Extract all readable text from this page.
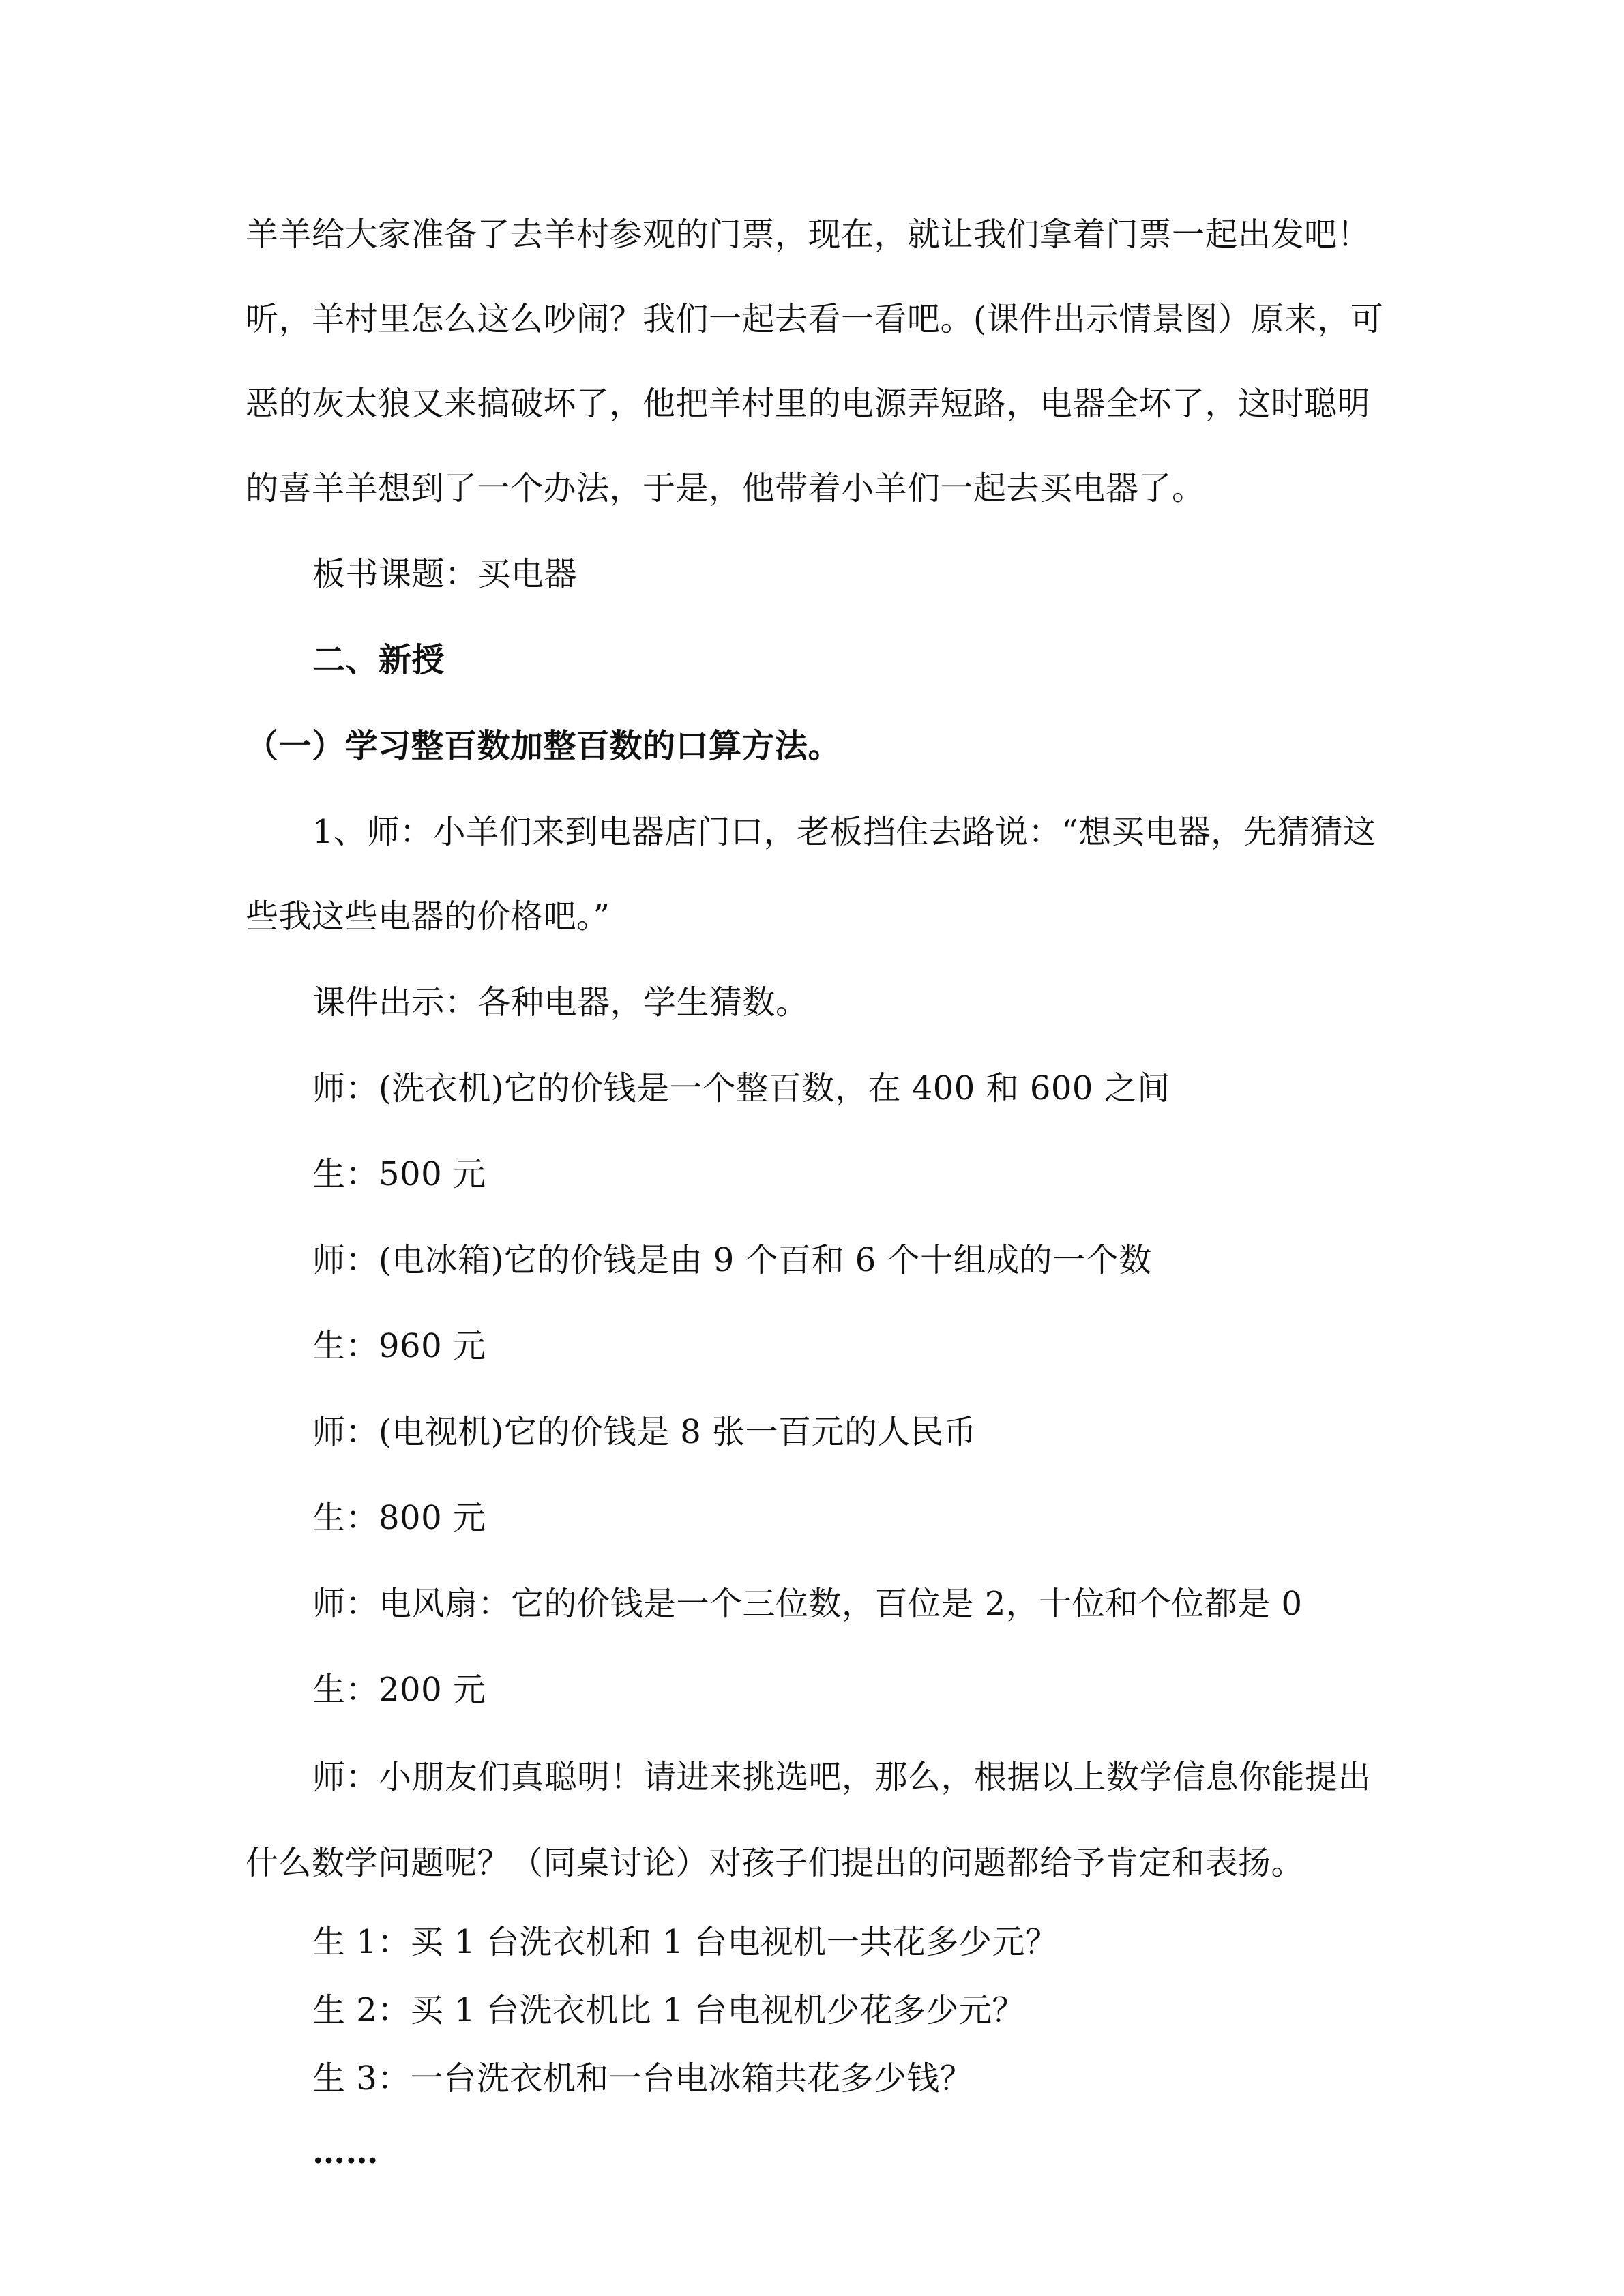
羊羊给大家准备了去羊村参观的门票，现在，就让我们拿着门票一起出发吧！
听，羊村里怎么这么吵闹？我们一起去看一看吧。(课件出示情景图）原来，可
恶的灰太狼又来搞破坏了，他把羊村里的电源弄短路，电器全坏了，这时聪明
的喜羊羊想到了一个办法，于是，他带着小羊们一起去买电器了。
板书课题：买电器
二、新授
（一）学习整百数加整百数的口算方法。
1、师：小羊们来到电器店门口，老板挡住去路说：“想买电器，先猜猜这
些我这些电器的价格吧。”
课件出示：各种电器，学生猜数。
师：(洗衣机)它的价钱是一个整百数，在 400 和 600 之间
生：500 元
师：(电冰箱)它的价钱是由 9 个百和 6 个十组成的一个数
生：960 元
师：(电视机)它的价钱是 8 张一百元的人民币
生：800 元
师：电风扇：它的价钱是一个三位数，百位是 2，十位和个位都是 0
生：200 元
师：小朋友们真聪明！请进来挑选吧，那么，根据以上数学信息你能提出
什么数学问题呢？（同桌讨论）对孩子们提出的问题都给予肯定和表扬。
生 1：买 1 台洗衣机和 1 台电视机一共花多少元？
生 2：买 1 台洗衣机比 1 台电视机少花多少元？
生 3：一台洗衣机和一台电冰箱共花多少钱？
……
